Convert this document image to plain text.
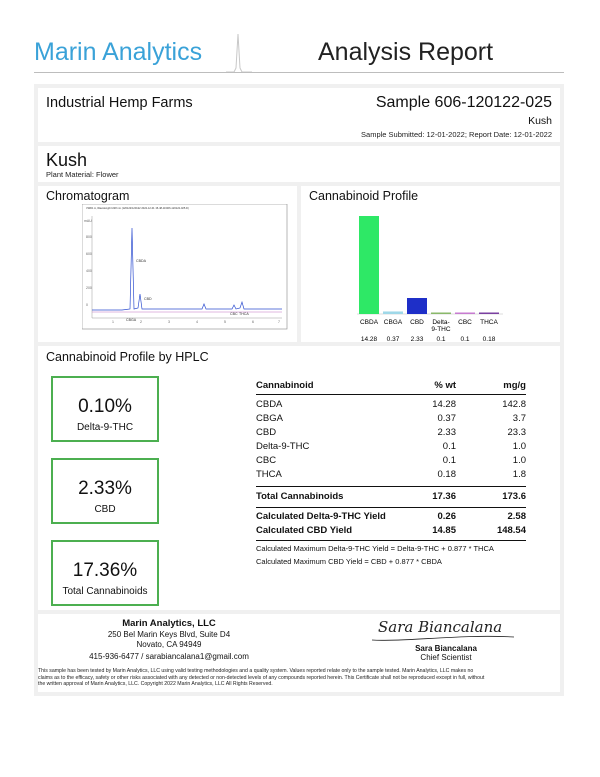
Marin Analytics	Analysis Report
Industrial Hemp Farms	Sample 606-120122-025
Kush
Sample Submitted: 12-01-2022; Report Date: 12-01-2022
Kush
Plant Material: Flower
Chromatogram
VWD1 A, Wavelength=228 nm (120122\120122 2022-12-01 15-48-11\606-120122-025.D)
mAU
800
600
400
200
0
1	2	3	4	5	6	7
CBDA
CBD
CBC THCA
CBGA
Cannabinoid Profile
CBDA
14.28
CBGA
0.37
CBD
2.33
Delta-
9-THC
0.1
CBC
0.1
THCA
0.18
Cannabinoid Profile by HPLC
0.10%
Delta-9-THC
2.33%
CBD
17.36%
Total Cannabinoids
Cannabinoid	% wt	mg/g
CBDA	14.28	142.8
CBGA	0.37	3.7
CBD	2.33	23.3
Delta-9-THC	0.1	1.0
CBC	0.1	1.0
THCA	0.18	1.8
Total Cannabinoids	17.36	173.6
Calculated Delta-9-THC Yield	0.26	2.58
Calculated CBD Yield	14.85	148.54
Calculated Maximum Delta-9-THC Yield = Delta-9-THC + 0.877 * THCA
Calculated Maximum CBD Yield = CBD + 0.877 * CBDA
Marin Analytics, LLC
250 Bel Marin Keys Blvd, Suite D4
Novato, CA 94949
415-936-6477 / sarabiancalana1@gmail.com
Sara Biancalana
Sara Biancalana
Chief Scientist
This sample has been tested by Marin Analytics, LLC using valid testing methodologies and a quality system. Values reported relate only to the sample tested. Marin Analytics, LLC makes no
claims as to the efficacy, safety or other risks associated with any detected or non-detected levels of any compounds reported herein. This Certificate shall not be reproduced except in full, without
the written approval of Marin Analytics, LLC. Copyright 2022 Marin Analytics, LLC All Rights Reserved.
